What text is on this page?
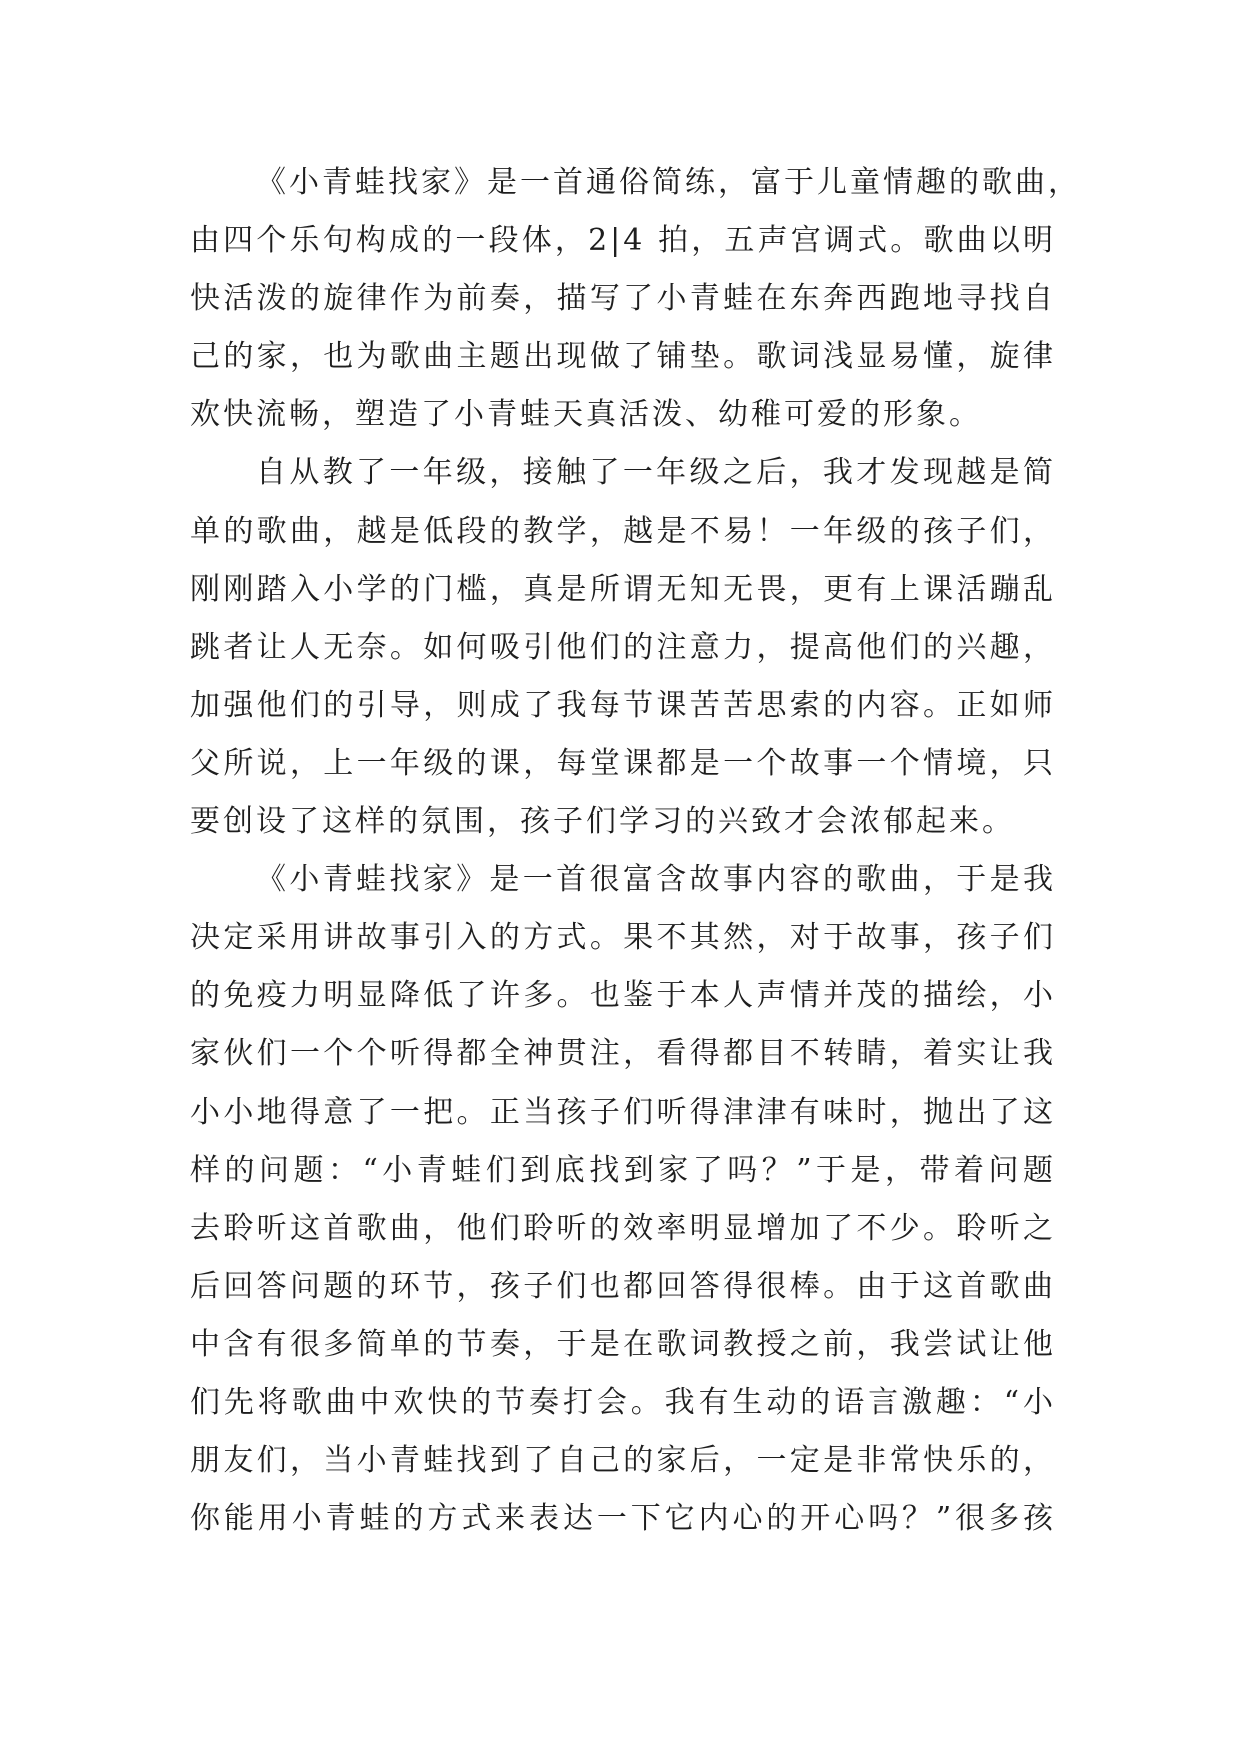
《小青蛙找家》是一首通俗简练，富于儿童情趣的歌曲，
由四个乐句构成的一段体，2|4 拍，五声宫调式。歌曲以明
快活泼的旋律作为前奏，描写了小青蛙在东奔西跑地寻找自
己的家，也为歌曲主题出现做了铺垫。歌词浅显易懂，旋律
欢快流畅，塑造了小青蛙天真活泼、幼稚可爱的形象。
自从教了一年级，接触了一年级之后，我才发现越是简
单的歌曲，越是低段的教学，越是不易！一年级的孩子们，
刚刚踏入小学的门槛，真是所谓无知无畏，更有上课活蹦乱
跳者让人无奈。如何吸引他们的注意力，提高他们的兴趣，
加强他们的引导，则成了我每节课苦苦思索的内容。正如师
父所说，上一年级的课，每堂课都是一个故事一个情境，只
要创设了这样的氛围，孩子们学习的兴致才会浓郁起来。
《小青蛙找家》是一首很富含故事内容的歌曲，于是我
决定采用讲故事引入的方式。果不其然，对于故事，孩子们
的免疫力明显降低了许多。也鉴于本人声情并茂的描绘，小
家伙们一个个听得都全神贯注，看得都目不转睛，着实让我
小小地得意了一把。正当孩子们听得津津有味时，抛出了这
样的问题：“小青蛙们到底找到家了吗？”于是，带着问题
去聆听这首歌曲，他们聆听的效率明显增加了不少。聆听之
后回答问题的环节，孩子们也都回答得很棒。由于这首歌曲
中含有很多简单的节奏，于是在歌词教授之前，我尝试让他
们先将歌曲中欢快的节奏打会。我有生动的语言激趣：“小
朋友们，当小青蛙找到了自己的家后，一定是非常快乐的，
你能用小青蛙的方式来表达一下它内心的开心吗？”很多孩
